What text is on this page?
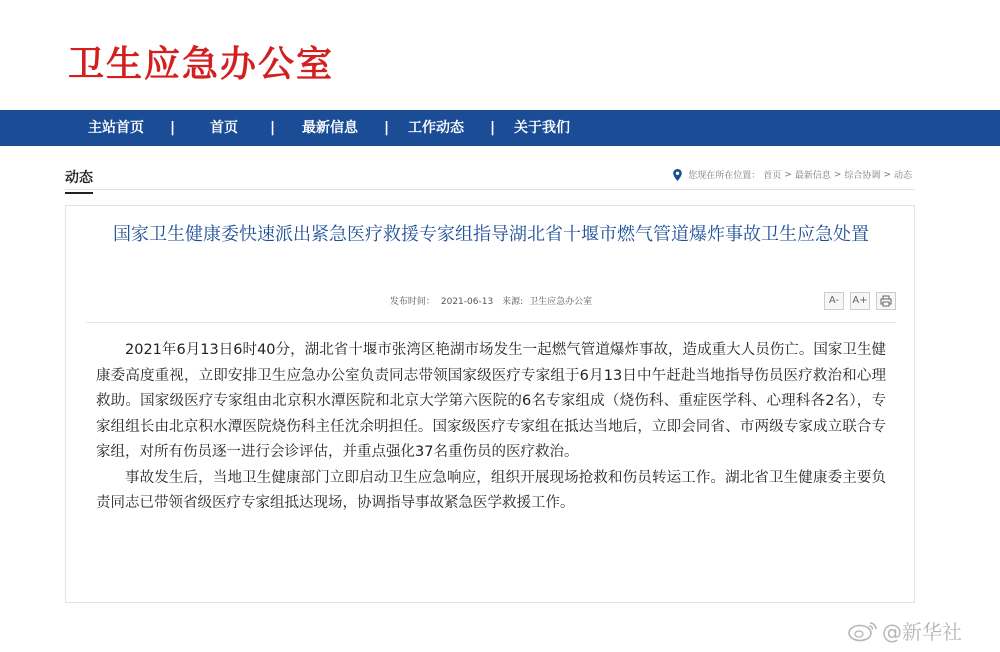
卫生应急办公室
主站首页 | 首页 | 最新信息 | 工作动态 | 关于我们
动态	您现在所在位置： 首页 > 最新信息 > 综合协调 > 动态
国家卫生健康委快速派出紧急医疗救援专家组指导湖北省十堰市燃气管道爆炸事故卫生应急处置
发布时间： 2021-06-13 来源: 卫生应急办公室	A-	A+

2021年6月13日6时40分，湖北省十堰市张湾区艳湖市场发生一起燃气管道爆炸事故，造成重大人员伤亡。国家卫生健康委高度重视，立即安排卫生应急办公室负责同志带领国家级医疗专家组于6月13日中午赶赴当地指导伤员医疗救治和心理救助。国家级医疗专家组由北京积水潭医院和北京大学第六医院的6名专家组成（烧伤科、重症医学科、心理科各2名），专家组组长由北京积水潭医院烧伤科主任沈余明担任。国家级医疗专家组在抵达当地后，立即会同省、市两级专家成立联合专家组，对所有伤员逐一进行会诊评估，并重点强化37名重伤员的医疗救治。

事故发生后，当地卫生健康部门立即启动卫生应急响应，组织开展现场抢救和伤员转运工作。湖北省卫生健康委主要负责同志已带领省级医疗专家组抵达现场，协调指导事故紧急医学救援工作。

@新华社
